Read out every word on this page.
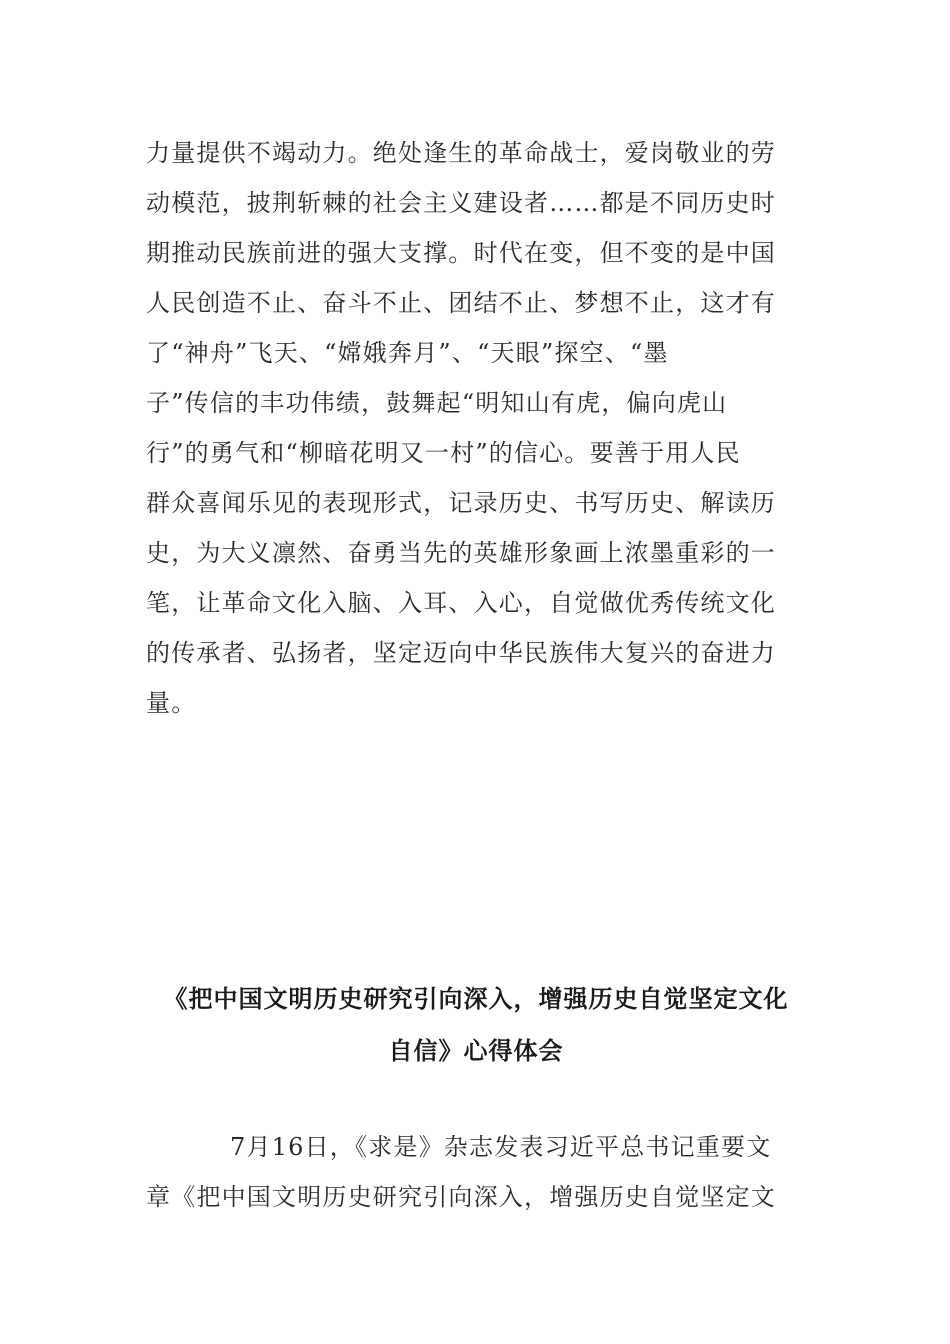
力量提供不竭动力。绝处逢生的革命战士，爱岗敬业的劳
动模范，披荆斩棘的社会主义建设者……都是不同历史时
期推动民族前进的强大支撑。时代在变，但不变的是中国
人民创造不止、奋斗不止、团结不止、梦想不止，这才有
了“神舟”飞天、“嫦娥奔月”、“天眼”探空、“墨
子”传信的丰功伟绩，鼓舞起“明知山有虎，偏向虎山
行”的勇气和“柳暗花明又一村”的信心。要善于用人民
群众喜闻乐见的表现形式，记录历史、书写历史、解读历
史，为大义凛然、奋勇当先的英雄形象画上浓墨重彩的一
笔，让革命文化入脑、入耳、入心，自觉做优秀传统文化
的传承者、弘扬者，坚定迈向中华民族伟大复兴的奋进力
量。
《把中国文明历史研究引向深入，增强历史自觉坚定文化
自信》心得体会
7月16日，《求是》杂志发表习近平总书记重要文
章《把中国文明历史研究引向深入，增强历史自觉坚定文
